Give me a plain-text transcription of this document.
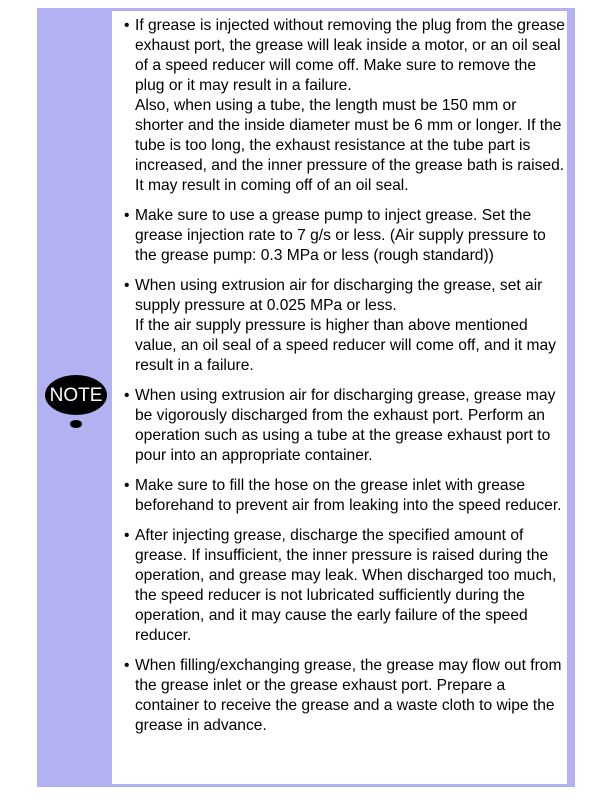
NOTE
• If grease is injected without removing the plug from the grease exhaust port, the grease will leak inside a motor, or an oil seal of a speed reducer will come off. Make sure to remove the plug or it may result in a failure.
Also, when using a tube, the length must be 150 mm or shorter and the inside diameter must be 6 mm or longer. If the tube is too long, the exhaust resistance at the tube part is increased, and the inner pressure of the grease bath is raised. It may result in coming off of an oil seal.
• Make sure to use a grease pump to inject grease. Set the grease injection rate to 7 g/s or less. (Air supply pressure to the grease pump: 0.3 MPa or less (rough standard))
• When using extrusion air for discharging the grease, set air supply pressure at 0.025 MPa or less.
If the air supply pressure is higher than above mentioned value, an oil seal of a speed reducer will come off, and it may result in a failure.
• When using extrusion air for discharging grease, grease may be vigorously discharged from the exhaust port. Perform an operation such as using a tube at the grease exhaust port to pour into an appropriate container.
• Make sure to fill the hose on the grease inlet with grease beforehand to prevent air from leaking into the speed reducer.
• After injecting grease, discharge the specified amount of grease. If insufficient, the inner pressure is raised during the operation, and grease may leak. When discharged too much, the speed reducer is not lubricated sufficiently during the operation, and it may cause the early failure of the speed reducer.
• When filling/exchanging grease, the grease may flow out from the grease inlet or the grease exhaust port. Prepare a container to receive the grease and a waste cloth to wipe the grease in advance.
